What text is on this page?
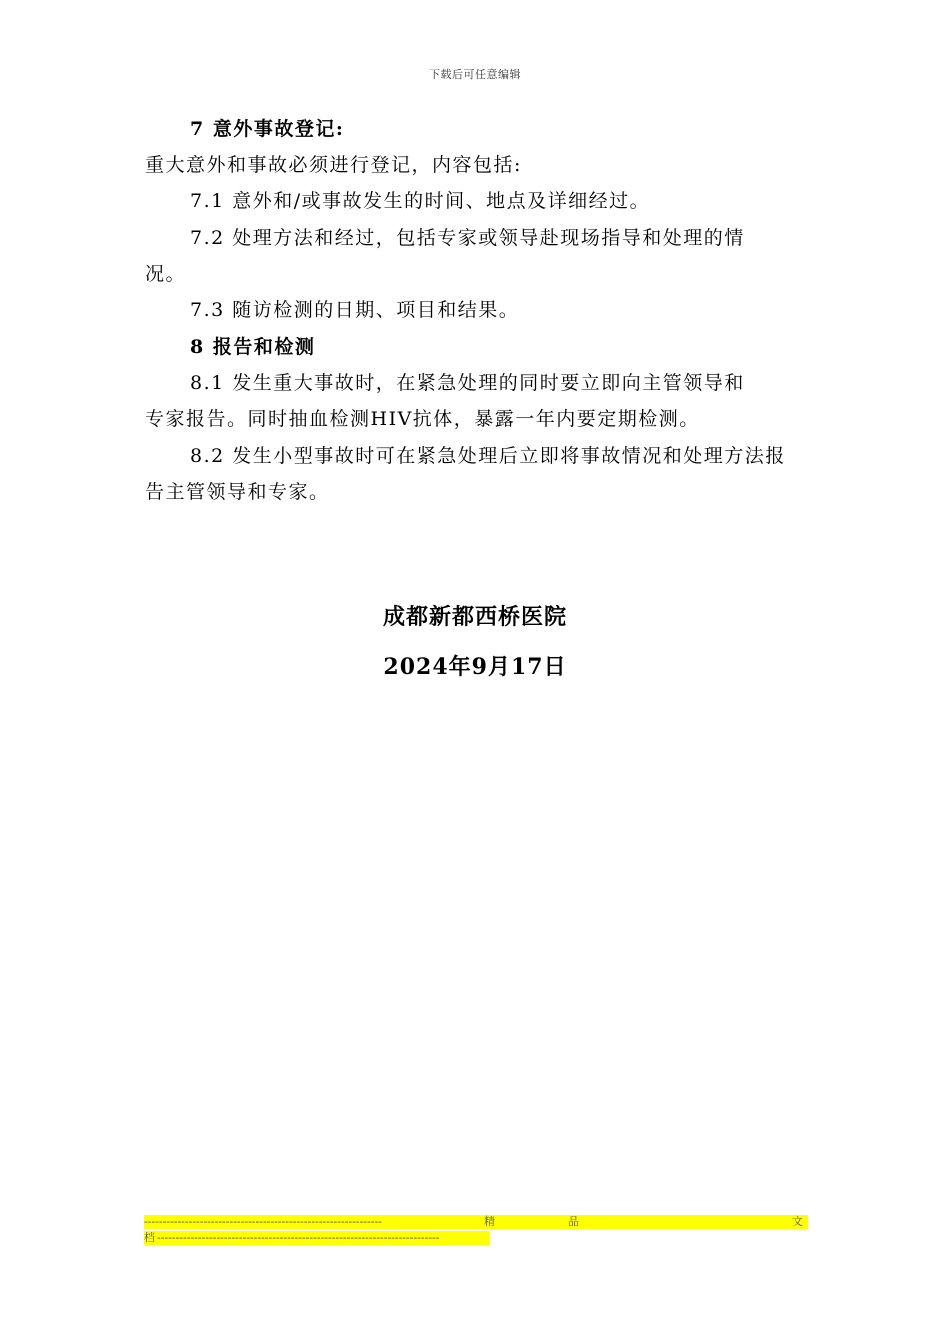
下载后可任意编辑
7 意外事故登记:
重大意外和事故必须进行登记，内容包括:
7.1 意外和/或事故发生的时间、地点及详细经过。
7.2 处理方法和经过，包括专家或领导赴现场指导和处理的情
况。
7.3 随访检测的日期、项目和结果。
8 报告和检测
8.1 发生重大事故时，在紧急处理的同时要立即向主管领导和
专家报告。同时抽血检测HIV抗体，暴露一年内要定期检测。
8.2 发生小型事故时可在紧急处理后立即将事故情况和处理方法报
告主管领导和专家。
成都新都西桥医院
2024年9月17日
----------------------------------------------------------------	精	品	文
档 ----------------------------------------------------------------------------
